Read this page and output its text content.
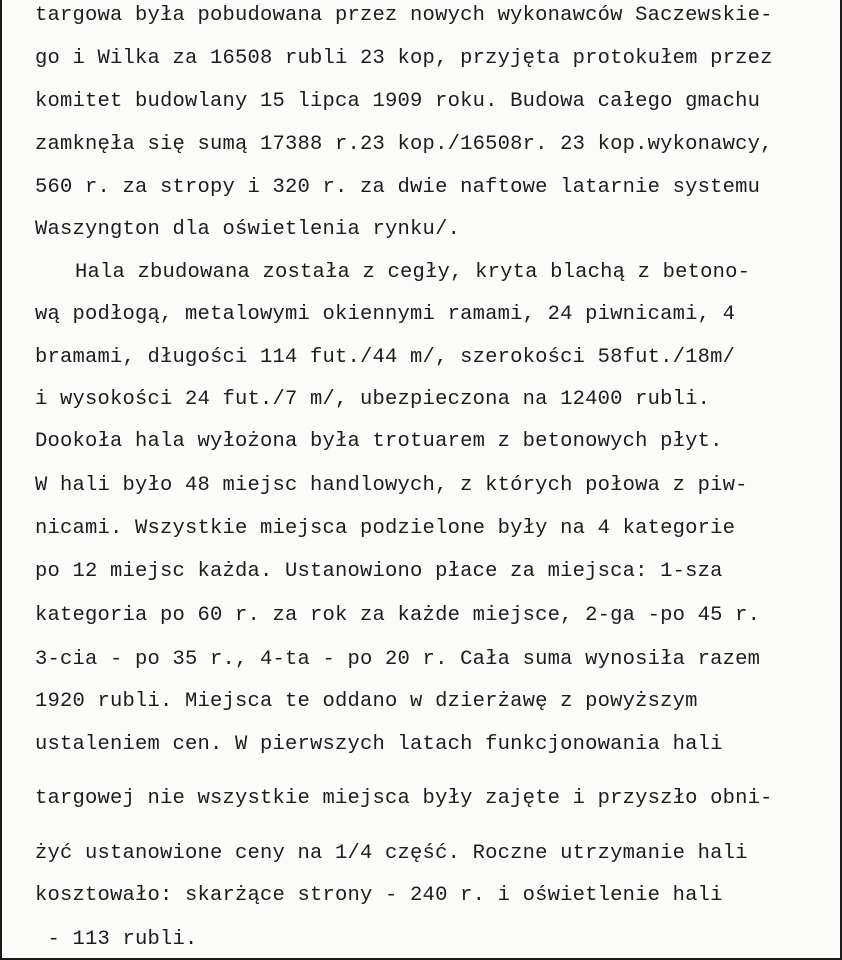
targowa była pobudowana przez nowych wykonawców Saczewskie-

go i Wilka za 16508 rubli 23 kop, przyjęta protokułem przez

komitet budowlany 15 lipca 1909 roku. Budowa całego gmachu

zamknęła się sumą 17388 r.23 kop./16508r. 23 kop.wykonawcy,

560 r. za stropy i 320 r. za dwie naftowe latarnie systemu

Waszyngton dla oświetlenia rynku/.

Hala zbudowana została z cegły, kryta blachą z betono-

wą podłogą, metalowymi okiennymi ramami, 24 piwnicami, 4

bramami, długości 114 fut./44 m/, szerokości 58fut./18m/

i wysokości 24 fut./7 m/, ubezpieczona na 12400 rubli.

Dookoła hala wyłożona była trotuarem z betonowych płyt.

W hali było 48 miejsc handlowych, z których połowa z piw-

nicami. Wszystkie miejsca podzielone były na 4 kategorie

po 12 miejsc każda. Ustanowiono płace za miejsca: 1-sza

kategoria po 60 r. za rok za każde miejsce, 2-ga -po 45 r.

3-cia - po 35 r., 4-ta - po 20 r. Cała suma wynosiła razem

1920 rubli. Miejsca te oddano w dzierżawę z powyższym

ustaleniem cen. W pierwszych latach funkcjonowania hali

targowej nie wszystkie miejsca były zajęte i przyszło obni-

żyć ustanowione ceny na 1/4 część. Roczne utrzymanie hali

kosztowało: skarżące strony - 240 r. i oświetlenie hali

- 113 rubli.
